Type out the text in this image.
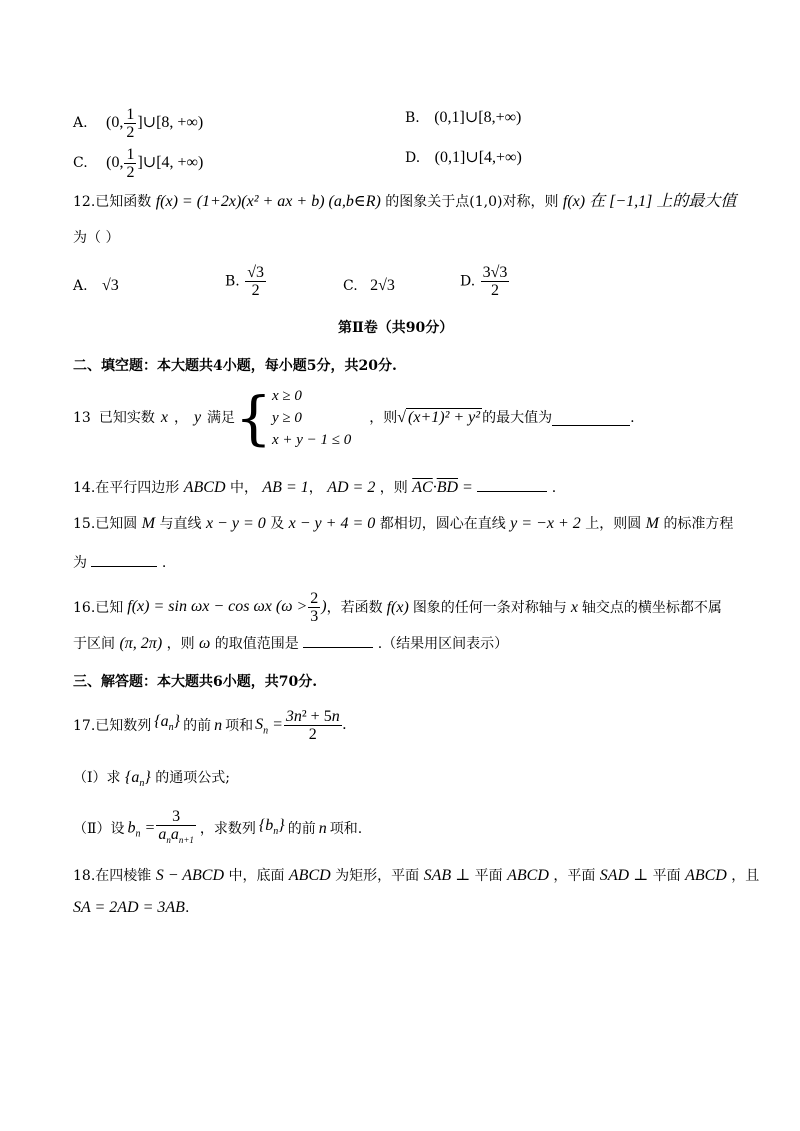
A. (0, $\frac{1}{2}$ ]∪[8, +∞)	B. (0,1]∪[8,+∞)
C. (0, $\frac{1}{2}$ ]∪[4, +∞)	D. (0,1]∪[4,+∞)
12.已知函数 f(x) = (1+2x)(x² + ax + b) (a,b∈R) 的图象关于点(1,0)对称，则 f(x) 在 [−1,1] 上的最大值
为（ ）
A. √3	B. $\frac{√3}{2}$	C. 2√3	D. $\frac{3√3}{2}$
第Ⅱ卷（共90分）
二、填空题：本大题共4小题，每小题5分，共20分.
13 已知实数 x ， y 满足 { x ≥ 0
y ≥ 0
x + y − 1 ≤ 0
，则 √ (x+1)² + y² 的最大值为	.
14.在平行四边形 ABCD 中， AB = 1， AD = 2 ，则 $\overline{AC}\cdot\overline{BD}$ =	.
15.已知圆 M 与直线 x − y = 0 及 x − y + 4 = 0 都相切，圆心在直线 y = −x + 2 上，则圆 M 的标准方程
为	.
16.已知 f(x) = sin ωx − cos ωx ($\omega > \frac{2}{3}$ ) ，若函数 f(x) 图象的任何一条对称轴与 x 轴交点的横坐标都不属
于区间 (π, 2π) ，则 ω 的取值范围是	.（结果用区间表示）
三、解答题：本大题共6小题，共70分.
17.已知数列 $\{a_n\}$ 的前 n 项和 $S_n = \frac{\text{3n² + 5n}}{2}$ .
（Ⅰ）求 $\{a_n\}$ 的通项公式;
（Ⅱ）设 $b_n = \frac{3}{a_na_{n+1}}$ ，求数列 $\{b_n\}$ 的前 n 项和.
18.在四棱锥 S − ABCD 中，底面 ABCD 为矩形，平面 SAB ⊥ 平面 ABCD ，平面 SAD ⊥ 平面 ABCD ，且
SA = 2AD = 3AB.
